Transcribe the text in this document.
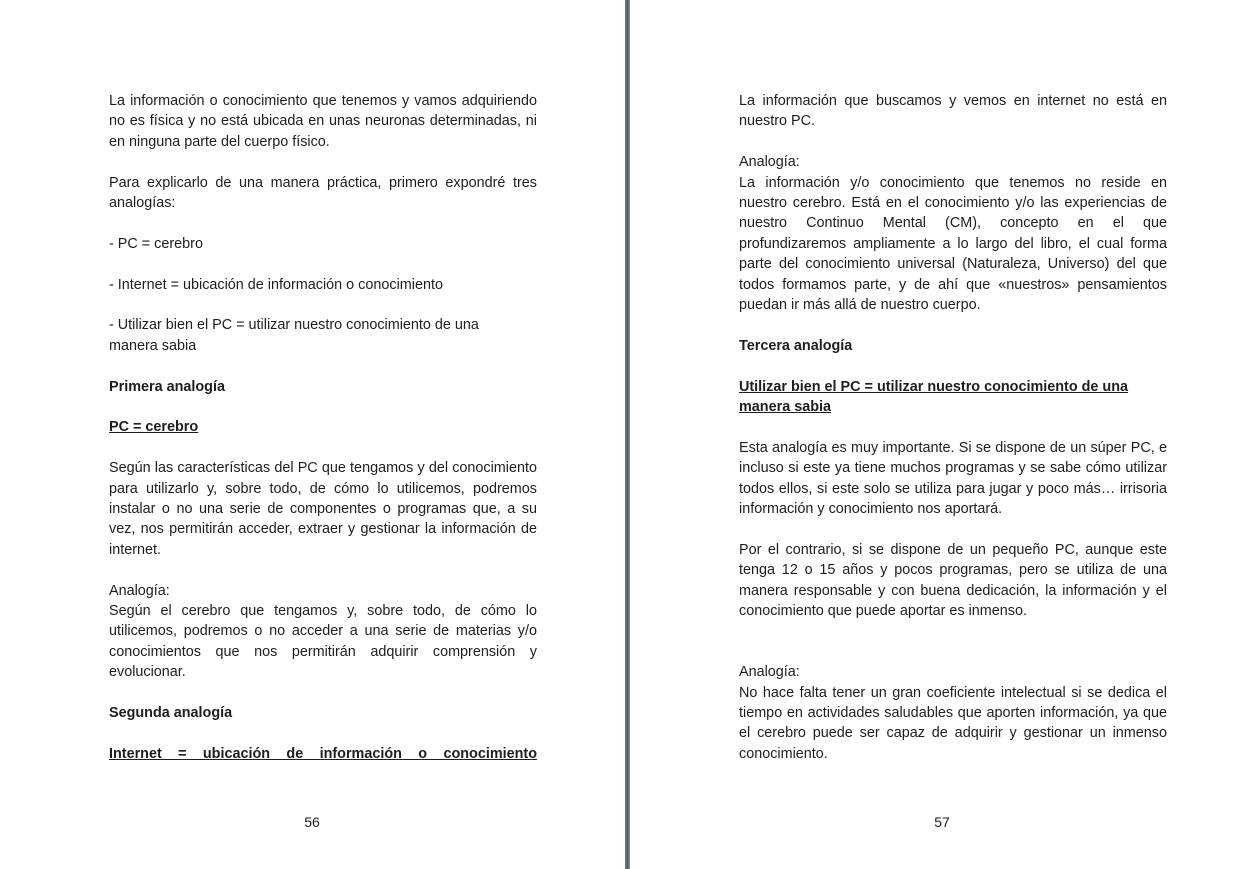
La información o conocimiento que tenemos y vamos adquiriendo no es física y no está ubicada en unas neuronas determinadas, ni en ninguna parte del cuerpo físico.

Para explicarlo de una manera práctica, primero expondré tres analogías:

- PC = cerebro

- Internet = ubicación de información o conocimiento

- Utilizar bien el PC = utilizar nuestro conocimiento de una manera sabia

Primera analogía

PC = cerebro

Según las características del PC que tengamos y del conocimiento para utilizarlo y, sobre todo, de cómo lo utilicemos, podremos instalar o no una serie de componentes o programas que, a su vez, nos permitirán acceder, extraer y gestionar la información de internet.

Analogía:

Según el cerebro que tengamos y, sobre todo, de cómo lo utilicemos, podremos o no acceder a una serie de materias y/o conocimientos que nos permitirán adquirir comprensión y evolucionar.

Segunda analogía

Internet = ubicación de información o conocimiento

56

La información que buscamos y vemos en internet no está en nuestro PC.

Analogía:

La información y/o conocimiento que tenemos no reside en nuestro cerebro. Está en el conocimiento y/o las experiencias de nuestro Continuo Mental (CM), concepto en el que profundizaremos ampliamente a lo largo del libro, el cual forma parte del conocimiento universal (Naturaleza, Universo) del que todos formamos parte, y de ahí que «nuestros» pensamientos puedan ir más allá de nuestro cuerpo.

Tercera analogía

Utilizar bien el PC = utilizar nuestro conocimiento de una manera sabia

Esta analogía es muy importante. Si se dispone de un súper PC, e incluso si este ya tiene muchos programas y se sabe cómo utilizar todos ellos, si este solo se utiliza para jugar y poco más… irrisoria información y conocimiento nos aportará.

Por el contrario, si se dispone de un pequeño PC, aunque este tenga 12 o 15 años y pocos programas, pero se utiliza de una manera responsable y con buena dedicación, la información y el conocimiento que puede aportar es inmenso.

Analogía:

No hace falta tener un gran coeficiente intelectual si se dedica el tiempo en actividades saludables que aporten información, ya que el cerebro puede ser capaz de adquirir y gestionar un inmenso conocimiento.

57
